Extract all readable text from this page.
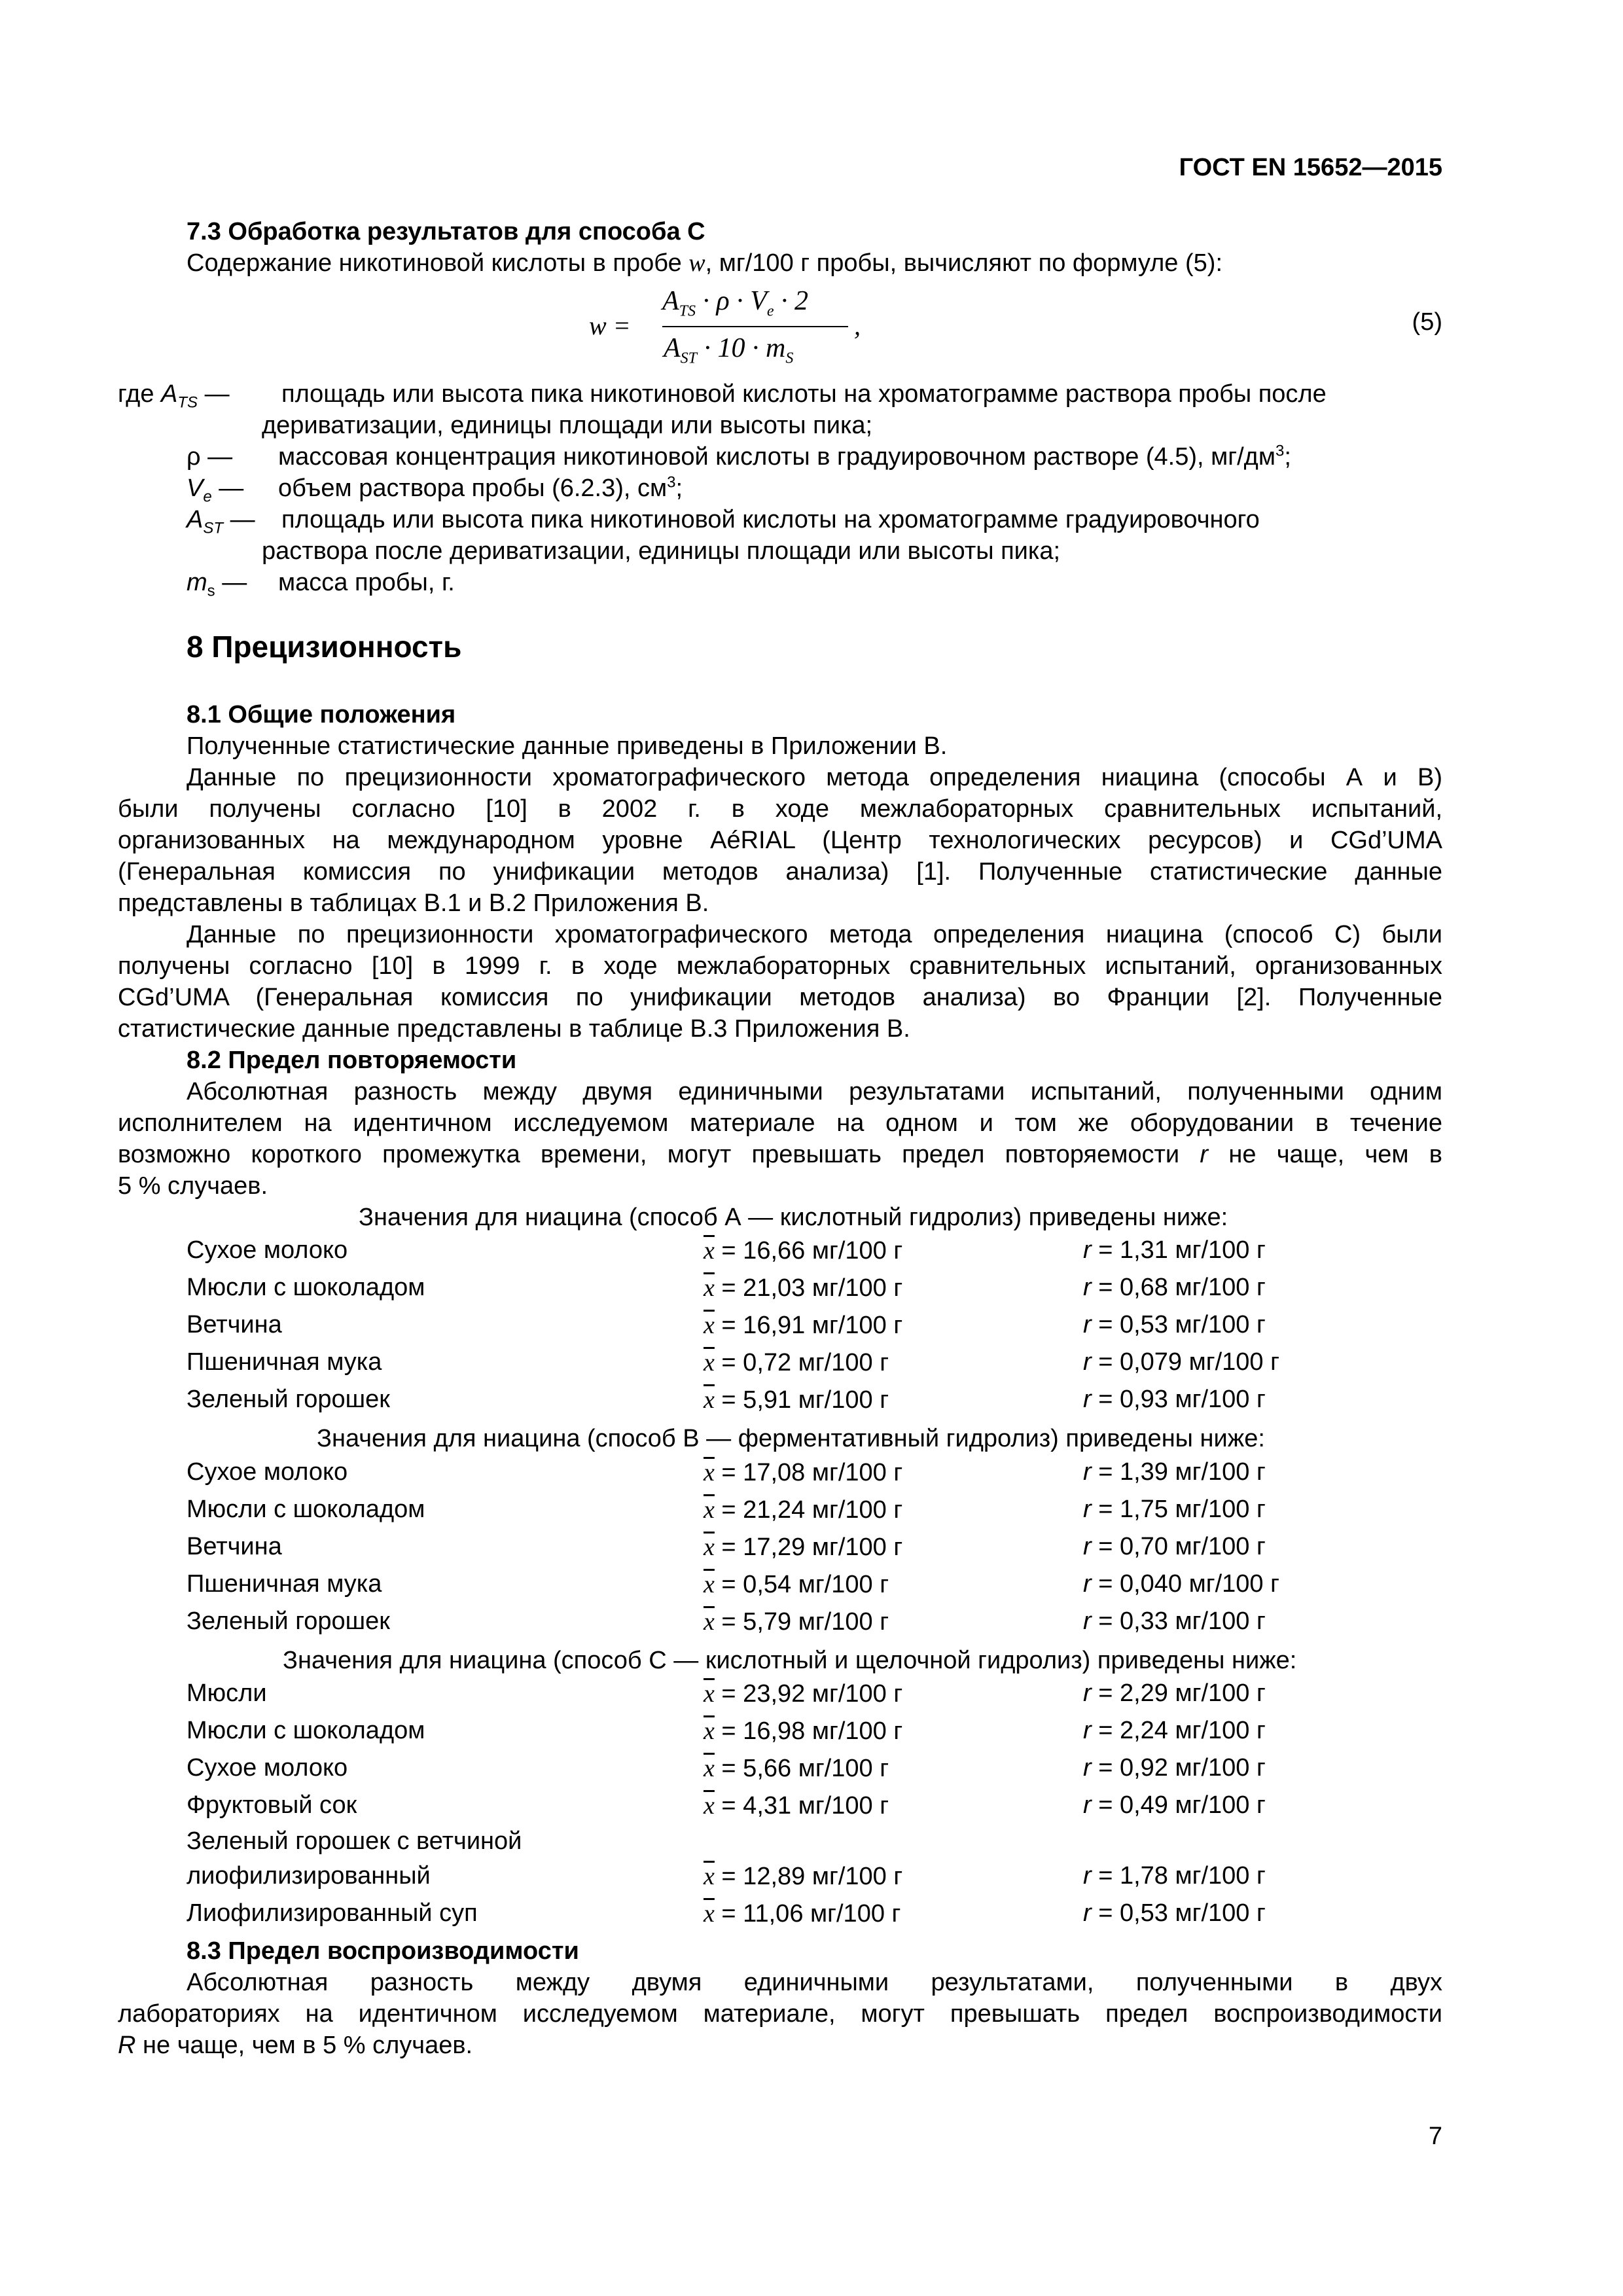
ГОСТ EN 15652—2015
7.3 Обработка результатов для способа С
Содержание никотиновой кислоты в пробе w, мг/100 г пробы, вычисляют по формуле (5):
w =
$A_{TS} \cdot \rho \cdot V_e \cdot 2$
$A_{ST} \cdot 10 \cdot m_S$
,	(5)
где $A_{TS}$ — площадь или высота пика никотиновой кислоты на хроматограмме раствора пробы после
дериватизации, единицы площади или высоты пика;
ρ — массовая концентрация никотиновой кислоты в градуировочном растворе (4.5), $мг/дм^3$;
$V_e$ — объем раствора пробы (6.2.3), $см^3$;
$A_{ST}$ — площадь или высота пика никотиновой кислоты на хроматограмме градуировочного
раствора после дериватизации, единицы площади или высоты пика;
$m_s$ — масса пробы, г.
8 Прецизионность
8.1 Общие положения
Полученные статистические данные приведены в Приложении В.
Данные по прецизионности хроматографического метода определения ниацина (способы А и В)
были получены согласно [10] в 2002 г. в ходе межлабораторных сравнительных испытаний,
организованных на международном уровне AéRIAL (Центр технологических ресурсов) и CGd’UMA
(Генеральная комиссия по унификации методов анализа) [1]. Полученные статистические данные
представлены в таблицах В.1 и В.2 Приложения В.
Данные по прецизионности хроматографического метода определения ниацина (способ С) были
получены согласно [10] в 1999 г. в ходе межлабораторных сравнительных испытаний, организованных
CGd’UMA (Генеральная комиссия по унификации методов анализа) во Франции [2]. Полученные
статистические данные представлены в таблице В.3 Приложения В.
8.2 Предел повторяемости
Абсолютная разность между двумя единичными результатами испытаний, полученными одним
исполнителем на идентичном исследуемом материале на одном и том же оборудовании в течение
возможно короткого промежутка времени, могут превышать предел повторяемости r не чаще, чем в
5 % случаев.
Значения для ниацина (способ А — кислотный гидролиз) приведены ниже:
Сухое молоко	$\overline{x} = 16,66$ мг/100 г	r = 1,31 мг/100 г
Мюсли с шоколадом	$\overline{x} = 21,03$ мг/100 г	r = 0,68 мг/100 г
Ветчина	$\overline{x} = 16,91$ мг/100 г	r = 0,53 мг/100 г
Пшеничная мука	$\overline{x} = 0,72$ мг/100 г	r = 0,079 мг/100 г
Зеленый горошек	$\overline{x} = 5,91$ мг/100 г	r = 0,93 мг/100 г
Значения для ниацина (способ В — ферментативный гидролиз) приведены ниже:
Сухое молоко	$\overline{x} = 17,08$ мг/100 г	r = 1,39 мг/100 г
Мюсли с шоколадом	$\overline{x} = 21,24$ мг/100 г	r = 1,75 мг/100 г
Ветчина	$\overline{x} = 17,29$ мг/100 г	r = 0,70 мг/100 г
Пшеничная мука	$\overline{x} = 0,54$ мг/100 г	r = 0,040 мг/100 г
Зеленый горошек	$\overline{x} = 5,79$ мг/100 г	r = 0,33 мг/100 г
Значения для ниацина (способ С — кислотный и щелочной гидролиз) приведены ниже:
Мюсли	$\overline{x} = 23,92$ мг/100 г	r = 2,29 мг/100 г
Мюсли с шоколадом	$\overline{x} = 16,98$ мг/100 г	r = 2,24 мг/100 г
Сухое молоко	$\overline{x} = 5,66$ мг/100 г	r = 0,92 мг/100 г
Фруктовый сок	$\overline{x} = 4,31$ мг/100 г	r = 0,49 мг/100 г
Зеленый горошек с ветчиной
лиофилизированный	$\overline{x} = 12,89$ мг/100 г	r = 1,78 мг/100 г
Лиофилизированный суп	$\overline{x} = 11,06$ мг/100 г	r = 0,53 мг/100 г
8.3 Предел воспроизводимости
Абсолютная разность между двумя единичными результатами, полученными в двух
лабораториях на идентичном исследуемом материале, могут превышать предел воспроизводимости
R не чаще, чем в 5 % случаев.
7
